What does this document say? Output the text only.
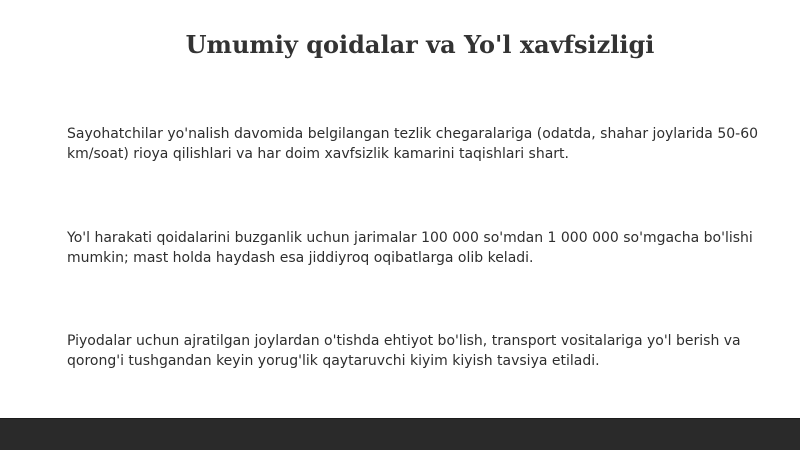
Umumiy qoidalar va Yo'l xavfsizligi

Sayohatchilar yo'nalish davomida belgilangan tezlik chegaralariga (odatda, shahar joylarida 50-60 km/soat) rioya qilishlari va har doim xavfsizlik kamarini taqishlari shart.

Yo'l harakati qoidalarini buzganlik uchun jarimalar 100 000 so'mdan 1 000 000 so'mgacha bo'lishi mumkin; mast holda haydash esa jiddiyroq oqibatlarga olib keladi.

Piyodalar uchun ajratilgan joylardan o'tishda ehtiyot bo'lish, transport vositalariga yo'l berish va qorong'i tushgandan keyin yorug'lik qaytaruvchi kiyim kiyish tavsiya etiladi.
